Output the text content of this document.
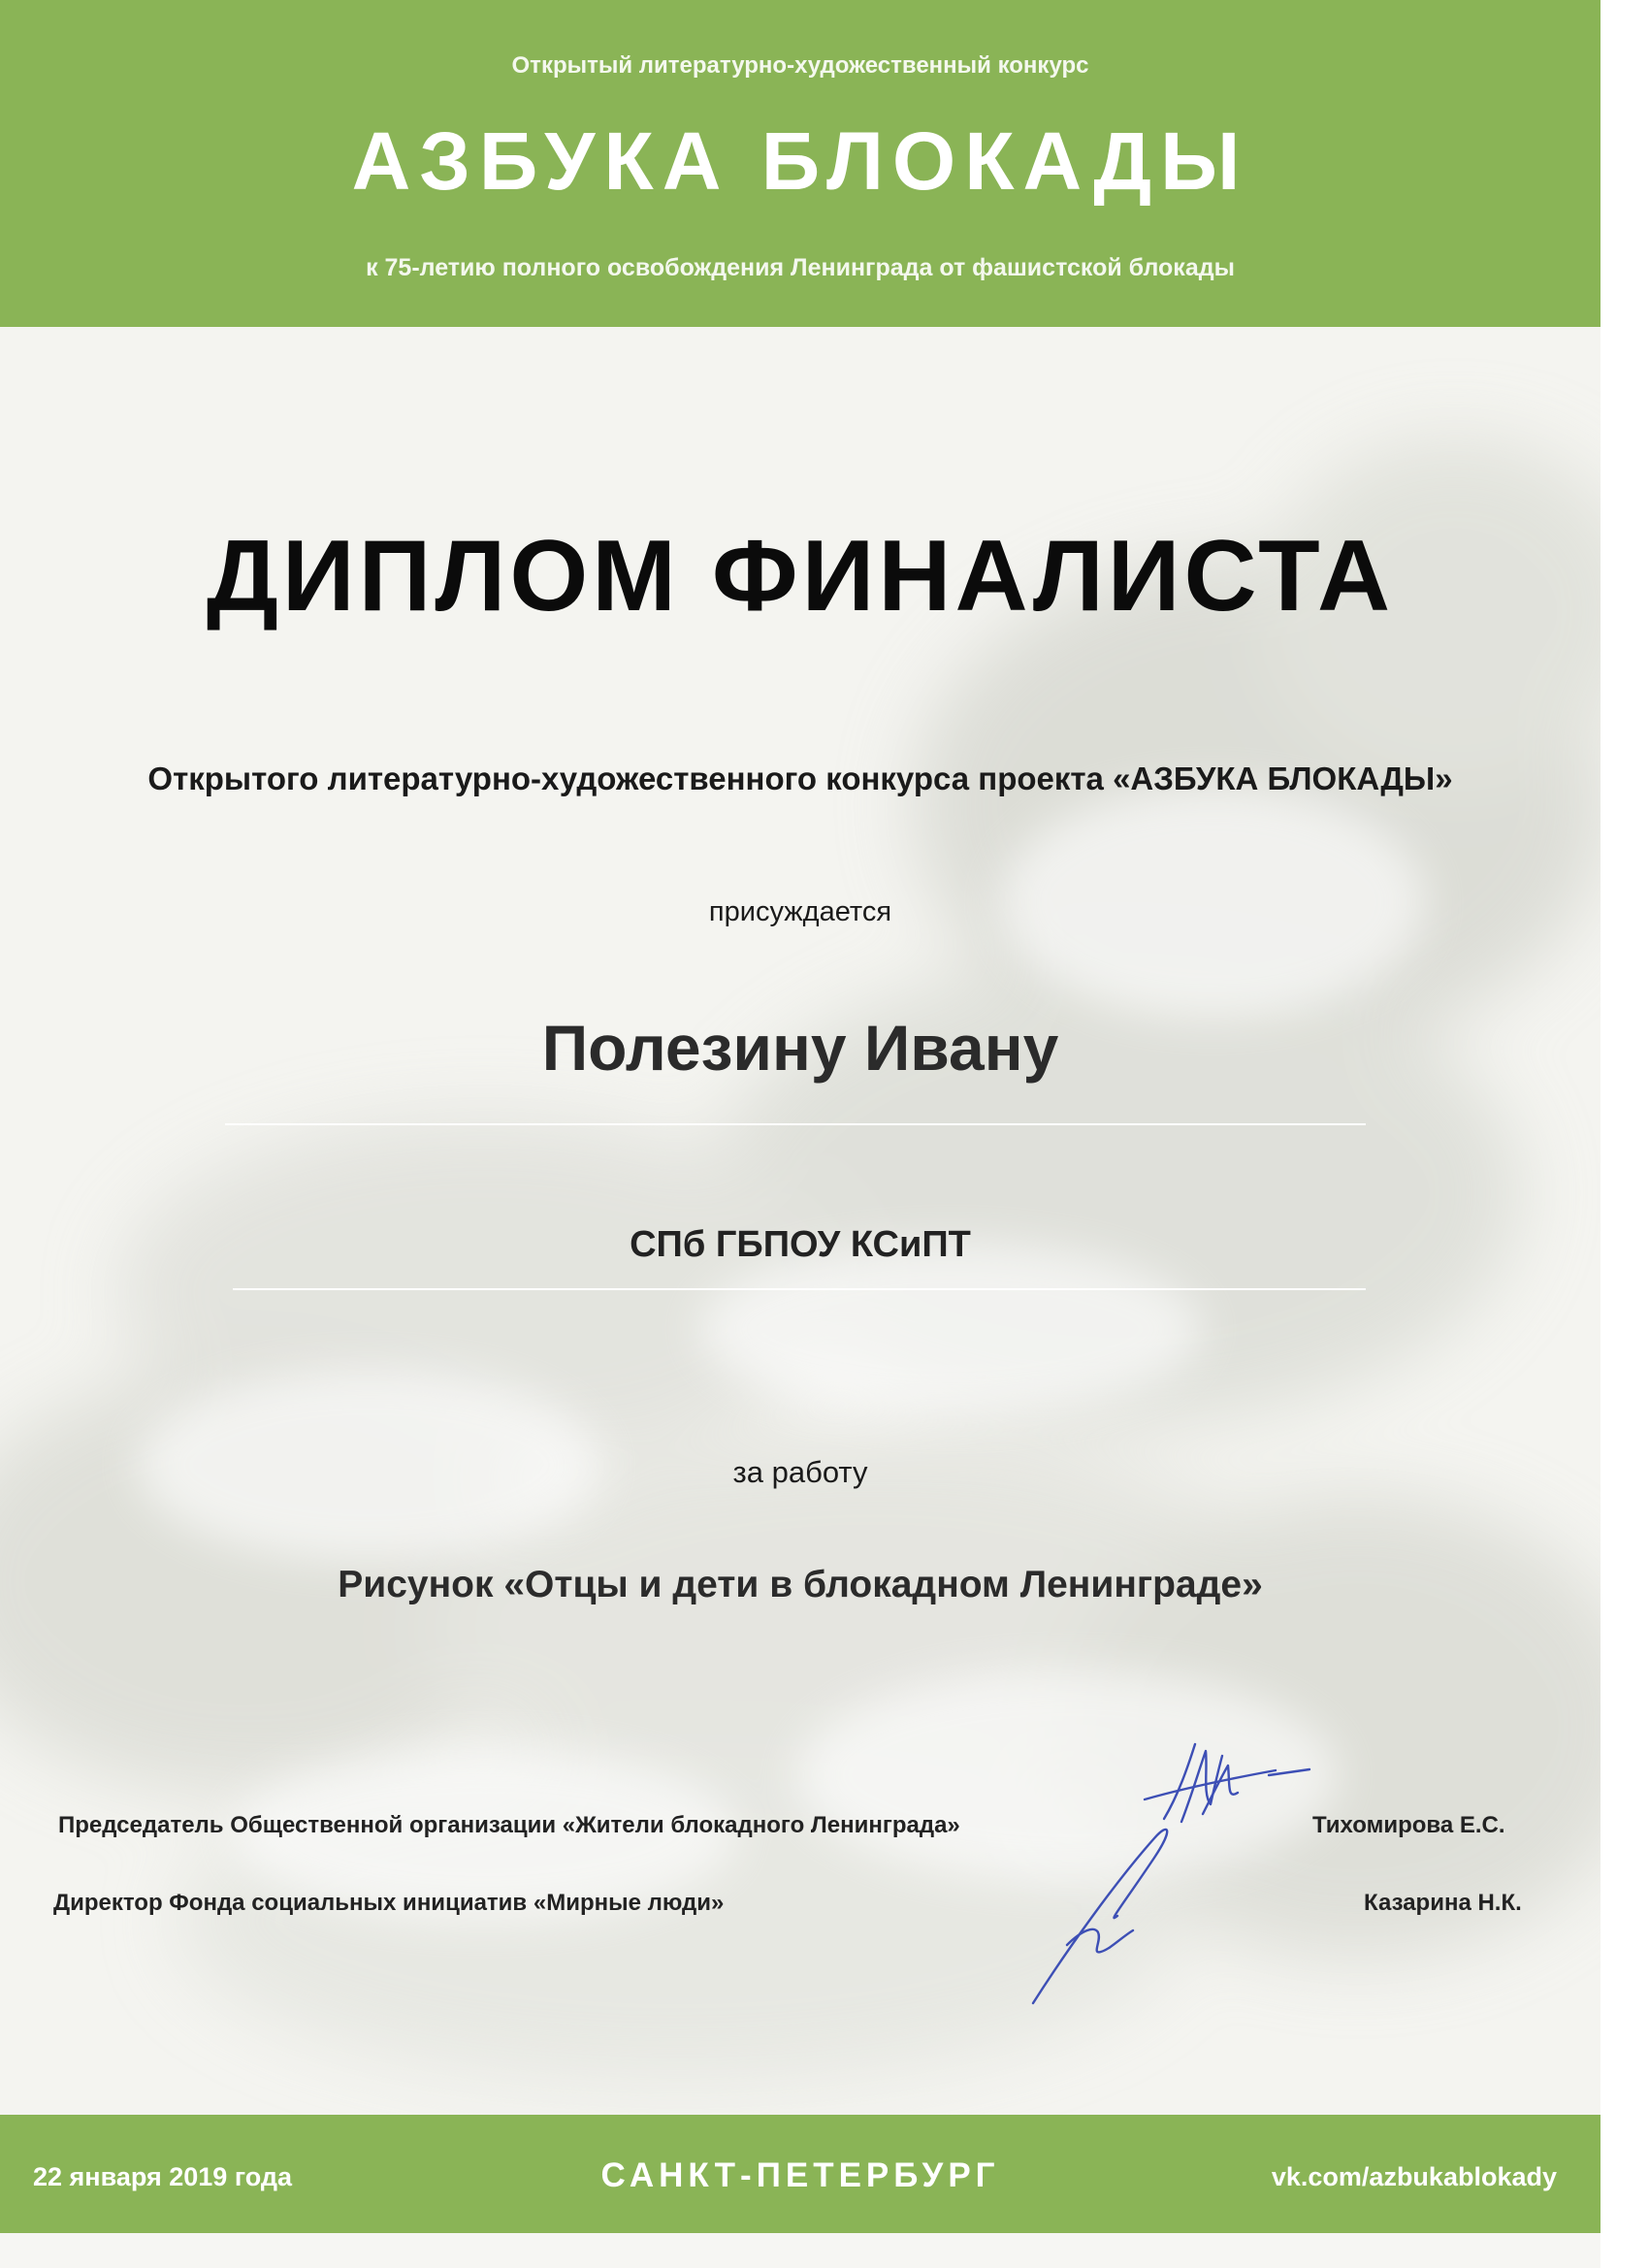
Открытый литературно-художественный конкурс
АЗБУКА БЛОКАДЫ
к 75-летию полного освобождения Ленинграда от фашистской блокады
ДИПЛОМ ФИНАЛИСТА
Открытого литературно-художественного конкурса проекта «АЗБУКА БЛОКАДЫ»
присуждается
Полезину Ивану
СПб ГБПОУ КСиПТ
за работу
Рисунок «Отцы и дети в блокадном Ленинграде»
Председатель Общественной организации «Жители блокадного Ленинграда»	Тихомирова Е.С.
Директор Фонда социальных инициатив «Мирные люди»	Казарина Н.К.
22 января 2019 года	САНКТ-ПЕТЕРБУРГ	vk.com/azbukablokady
